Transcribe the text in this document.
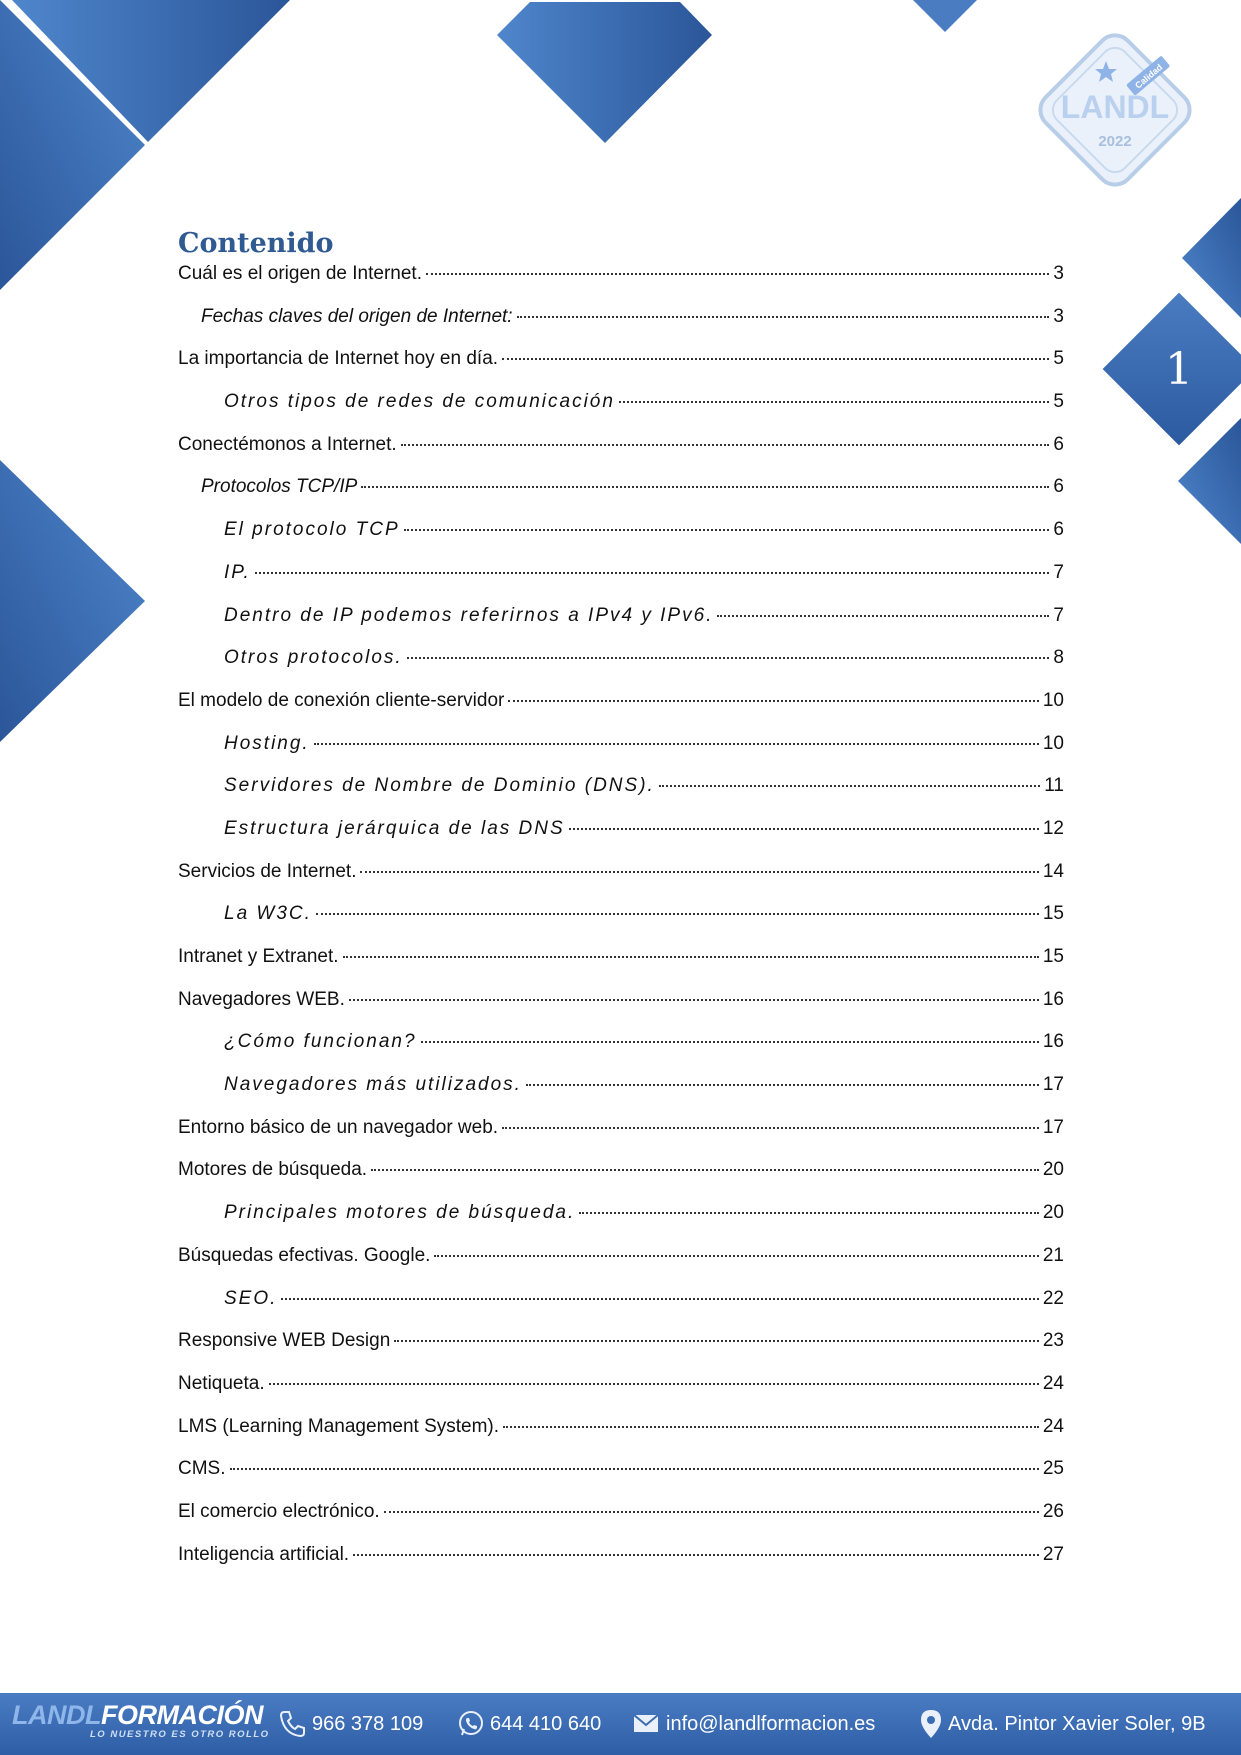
LANDL
2022
Calidad
1
Contenido
Cuál es el origen de Internet.	3
Fechas claves del origen de Internet:	3
La importancia de Internet hoy en día.	5
Otros tipos de redes de comunicación	5
Conectémonos a Internet.	6
Protocolos TCP/IP	6
El protocolo TCP	6
IP.	7
Dentro de IP podemos referirnos a IPv4 y IPv6.	7
Otros protocolos.	8
El modelo de conexión cliente-servidor	10
Hosting.	10
Servidores de Nombre de Dominio (DNS).	11
Estructura jerárquica de las DNS	12
Servicios de Internet.	14
La W3C.	15
Intranet y Extranet.	15
Navegadores WEB.	16
¿Cómo funcionan?	16
Navegadores más utilizados.	17
Entorno básico de un navegador web.	17
Motores de búsqueda.	20
Principales motores de búsqueda.	20
Búsquedas efectivas. Google.	21
SEO.	22
Responsive WEB Design	23
Netiqueta.	24
LMS (Learning Management System).	24
CMS.	25
El comercio electrónico.	26
Inteligencia artificial.	27
LANDLFORMACIÓN
LO NUESTRO ES OTRO ROLLO 966 378 109	644 410 640	info@landlformacion.es	Avda. Pintor Xavier Soler, 9B
